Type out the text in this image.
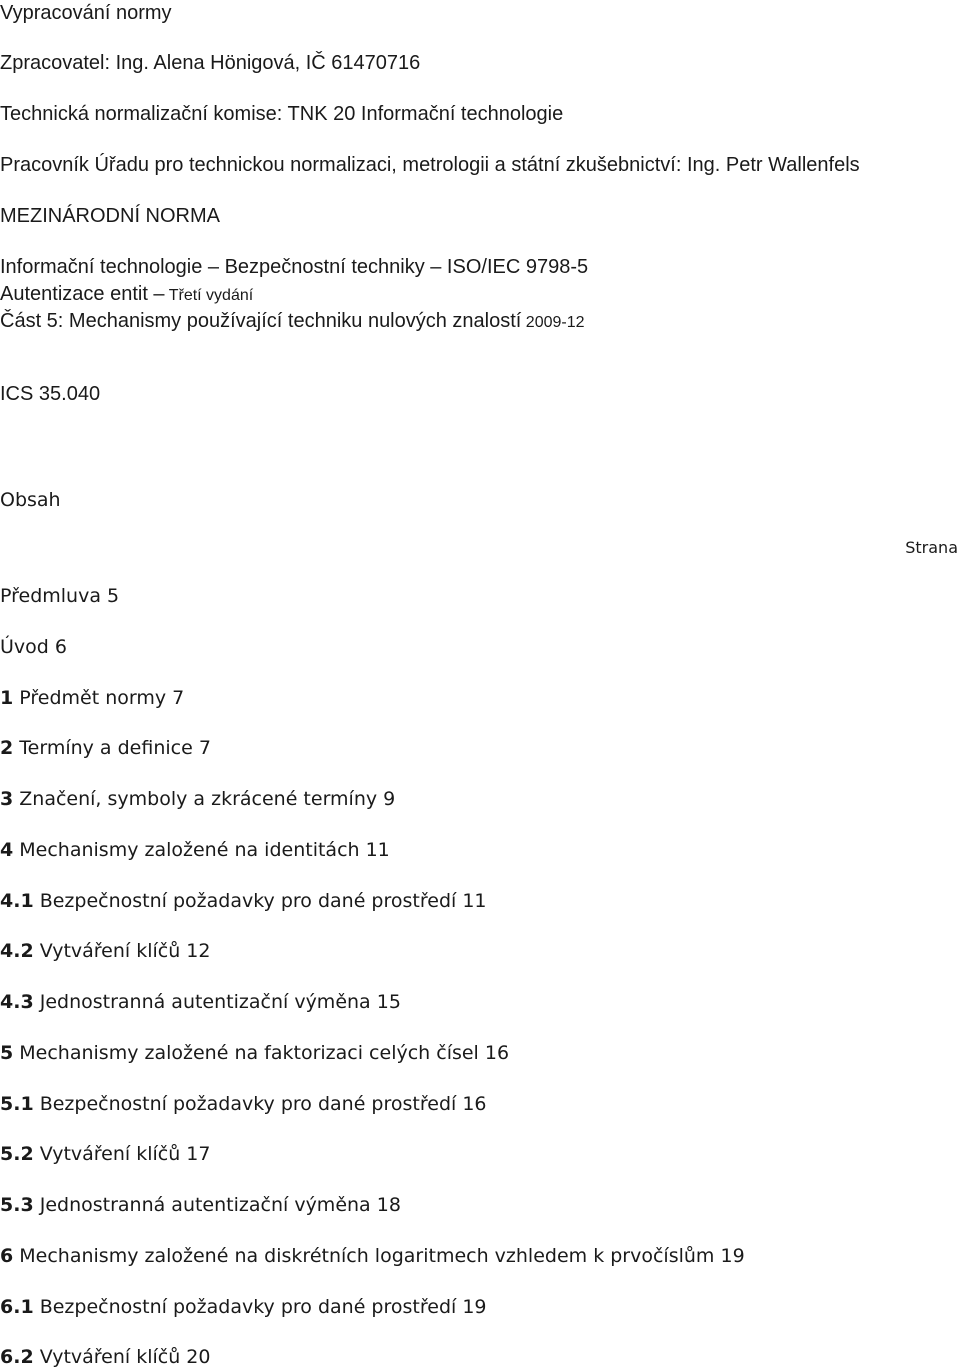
Vypracování normy
Zpracovatel: Ing. Alena Hönigová, IČ 61470716
Technická normalizační komise: TNK 20 Informační technologie
Pracovník Úřadu pro technickou normalizaci, metrologii a státní zkušebnictví: Ing. Petr Wallenfels
MEZINÁRODNÍ NORMA
Informační technologie – Bezpečnostní techniky – ISO/IEC 9798-5
Autentizace entit – Třetí vydání
Část 5: Mechanismy používající techniku nulových znalostí 2009-12
ICS 35.040
Obsah
Strana
Předmluva 5
Úvod 6
1 Předmět normy 7
2 Termíny a definice 7
3 Značení, symboly a zkrácené termíny 9
4 Mechanismy založené na identitách 11
4.1 Bezpečnostní požadavky pro dané prostředí 11
4.2 Vytváření klíčů 12
4.3 Jednostranná autentizační výměna 15
5 Mechanismy založené na faktorizaci celých čísel 16
5.1 Bezpečnostní požadavky pro dané prostředí 16
5.2 Vytváření klíčů 17
5.3 Jednostranná autentizační výměna 18
6 Mechanismy založené na diskrétních logaritmech vzhledem k prvočíslům 19
6.1 Bezpečnostní požadavky pro dané prostředí 19
6.2 Vytváření klíčů 20
